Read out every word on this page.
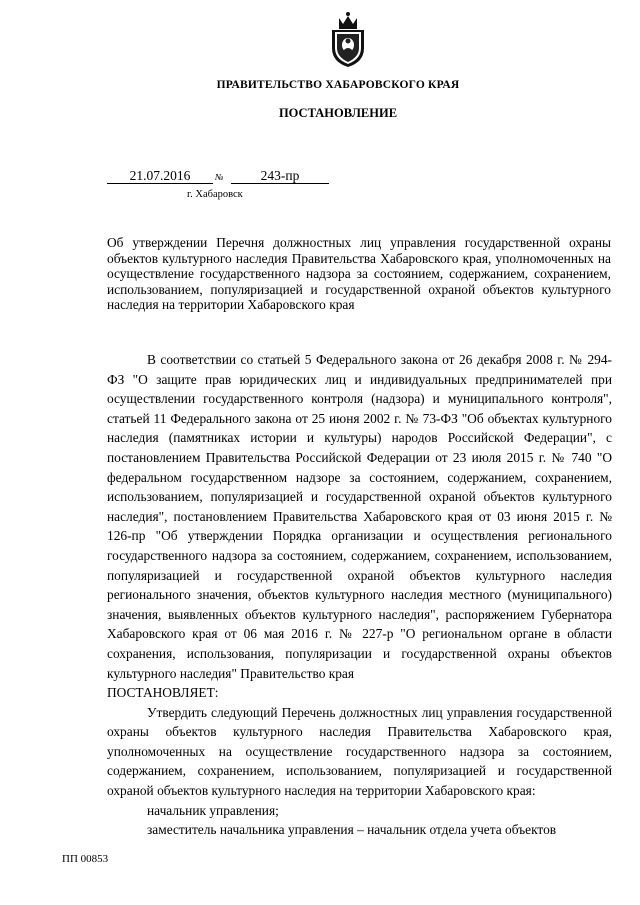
ПРАВИТЕЛЬСТВО ХАБАРОВСКОГО КРАЯ
ПОСТАНОВЛЕНИЕ
21.07.2016	№	243-пр
г. Хабаровск
Об утверждении Перечня должностных лиц управления государственной охраны объектов культурного наследия Правительства Хабаровского края, уполномоченных на осуществление государственного надзора за состоянием, содержанием, сохранением, использованием, популяризацией и государственной охраной объектов культурного наследия на территории Хабаровского края

В соответствии со статьей 5 Федерального закона от 26 декабря 2008 г. № 294-ФЗ "О защите прав юридических лиц и индивидуальных предпринимателей при осуществлении государственного контроля (надзора) и муниципального контроля", статьей 11 Федерального закона от 25 июня 2002 г. № 73-ФЗ "Об объектах культурного наследия (памятниках истории и культуры) народов Российской Федерации", с постановлением Правительства Российской Федерации от 23 июля 2015 г. № 740 "О федеральном государственном надзоре за состоянием, содержанием, сохранением, использованием, популяризацией и государственной охраной объектов культурного наследия", постановлением Правительства Хабаровского края от 03 июня 2015 г. № 126-пр "Об утверждении Порядка организации и осуществления регионального государственного надзора за состоянием, содержанием, сохранением, использованием, популяризацией и государственной охраной объектов культурного наследия регионального значения, объектов культурного наследия местного (муниципального) значения, выявленных объектов культурного наследия", распоряжением Губернатора Хабаровского края от 06 мая 2016 г. № 227-р "О региональном органе в области сохранения, использования, популяризации и государственной охраны объектов культурного наследия" Правительство края

ПОСТАНОВЛЯЕТ:

Утвердить следующий Перечень должностных лиц управления государственной охраны объектов культурного наследия Правительства Хабаровского края, уполномоченных на осуществление государственного надзора за состоянием, содержанием, сохранением, использованием, популяризацией и государственной охраной объектов культурного наследия на территории Хабаровского края:

начальник управления;

заместитель начальника управления – начальник отдела учета объектов

ПП 00853
